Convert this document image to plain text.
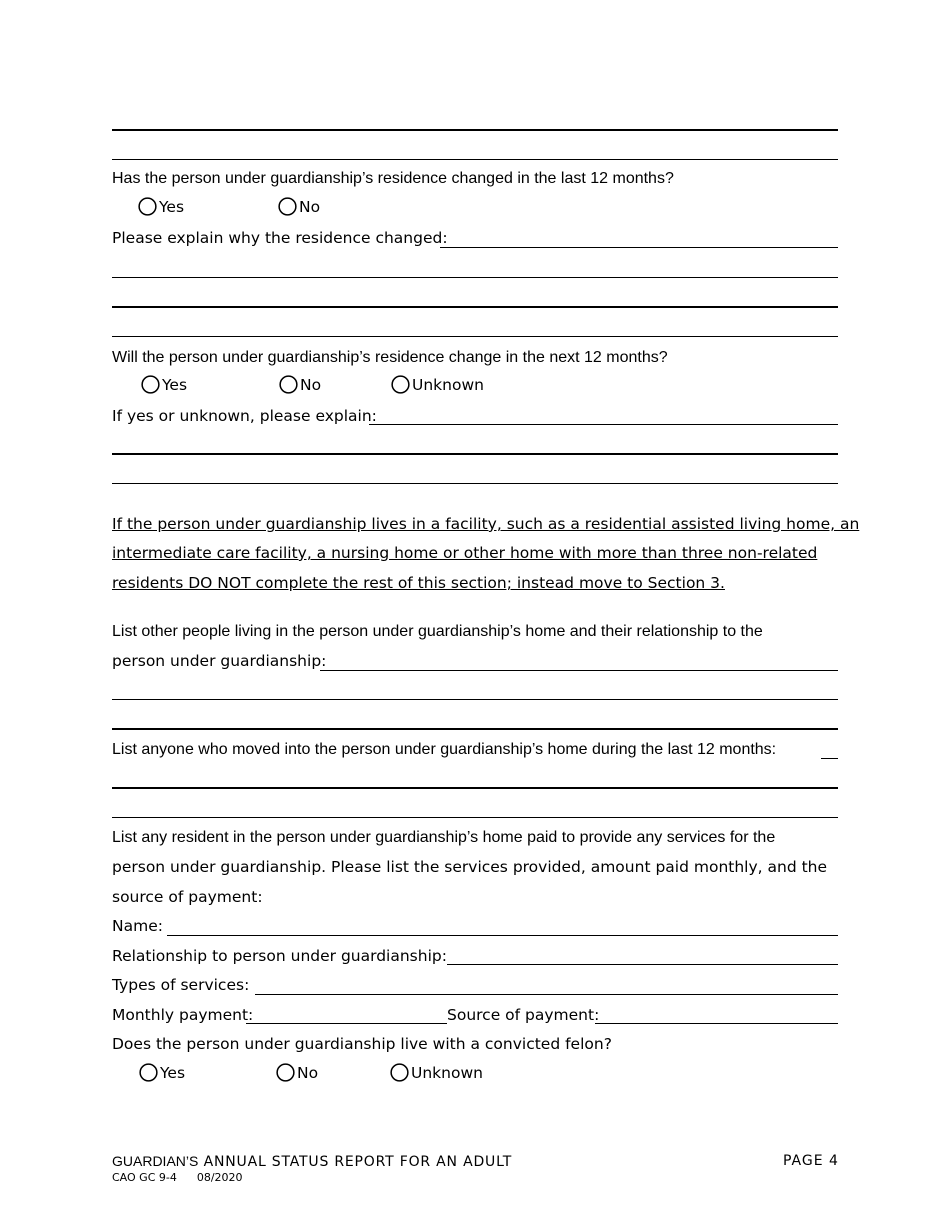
Has the person under guardianship’s residence changed in the last 12 months?
Yes	No
Please explain why the residence changed:
Will the person under guardianship’s residence change in the next 12 months?
Yes	No	Unknown
If yes or unknown, please explain:
If the person under guardianship lives in a facility, such as a residential assisted living home, an
intermediate care facility, a nursing home or other home with more than three non-related
residents DO NOT complete the rest of this section; instead move to Section 3.
List other people living in the person under guardianship’s home and their relationship to the
person under guardianship:
List anyone who moved into the person under guardianship’s home during the last 12 months:
List any resident in the person under guardianship’s home paid to provide any services for the
person under guardianship. Please list the services provided, amount paid monthly, and the
source of payment:
Name:
Relationship to person under guardianship:
Types of services:
Monthly payment:	Source of payment:
Does the person under guardianship live with a convicted felon?
Yes	No	Unknown
GUARDIAN’S ANNUAL STATUS REPORT FOR AN ADULT	PAGE 4
CAO GC 9-4 08/2020
